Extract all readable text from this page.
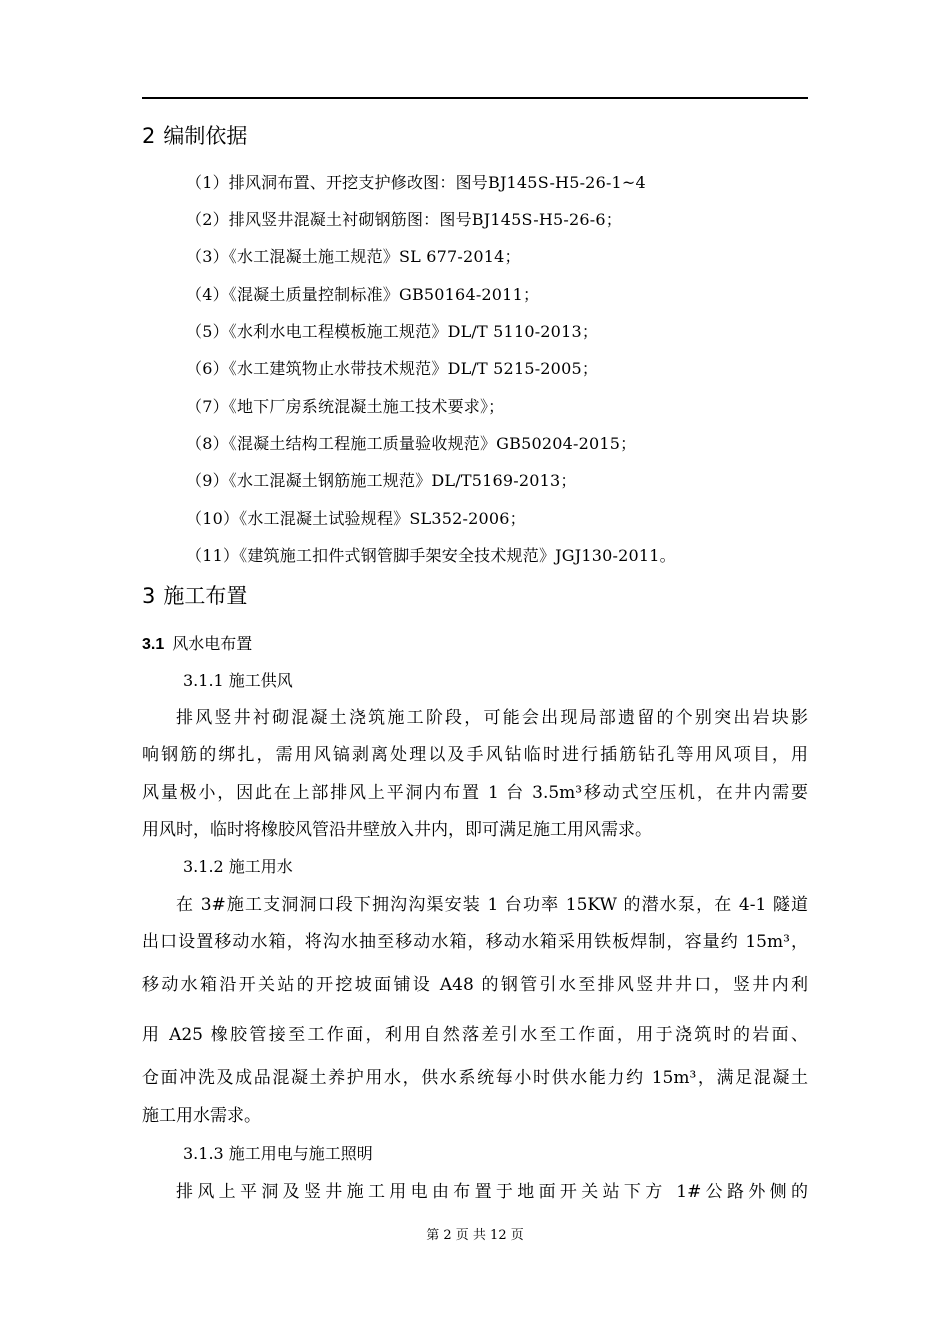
2 编制依据
（1）排风洞布置、开挖支护修改图：图号BJ145S-H5-26-1~4
（2）排风竖井混凝土衬砌钢筋图：图号BJ145S-H5-26-6；
（3）《水工混凝土施工规范》SL 677-2014；
（4）《混凝土质量控制标准》GB50164-2011；
（5）《水利水电工程模板施工规范》DL/T 5110-2013；
（6）《水工建筑物止水带技术规范》DL/T 5215-2005；
（7）《地下厂房系统混凝土施工技术要求》；
（8）《混凝土结构工程施工质量验收规范》GB50204-2015；
（9）《水工混凝土钢筋施工规范》DL/T5169-2013；
（10）《水工混凝土试验规程》SL352-2006；
（11）《建筑施工扣件式钢管脚手架安全技术规范》JGJ130-2011。
3 施工布置
3.1 风水电布置
3.1.1 施工供风
排风竖井衬砌混凝土浇筑施工阶段，可能会出现局部遗留的个别突出岩块影
响钢筋的绑扎，需用风镐剥离处理以及手风钻临时进行插筋钻孔等用风项目，用
风量极小，因此在上部排风上平洞内布置 1 台 3.5m³移动式空压机，在井内需要
用风时，临时将橡胶风管沿井壁放入井内，即可满足施工用风需求。
3.1.2 施工用水
在 3#施工支洞洞口段下拥沟沟渠安装 1 台功率 15KW 的潜水泵，在 4-1 隧道
出口设置移动水箱，将沟水抽至移动水箱，移动水箱采用铁板焊制，容量约 15m³，
移动水箱沿开关站的开挖坡面铺设 A48 的钢管引水至排风竖井井口，竖井内利
用 A25 橡胶管接至工作面，利用自然落差引水至工作面，用于浇筑时的岩面、
仓面冲洗及成品混凝土养护用水，供水系统每小时供水能力约 15m³，满足混凝土
施工用水需求。
3.1.3 施工用电与施工照明
排风上平洞及竖井施工用电由布置于地面开关站下方 1#公路外侧的
第 2 页 共 12 页
